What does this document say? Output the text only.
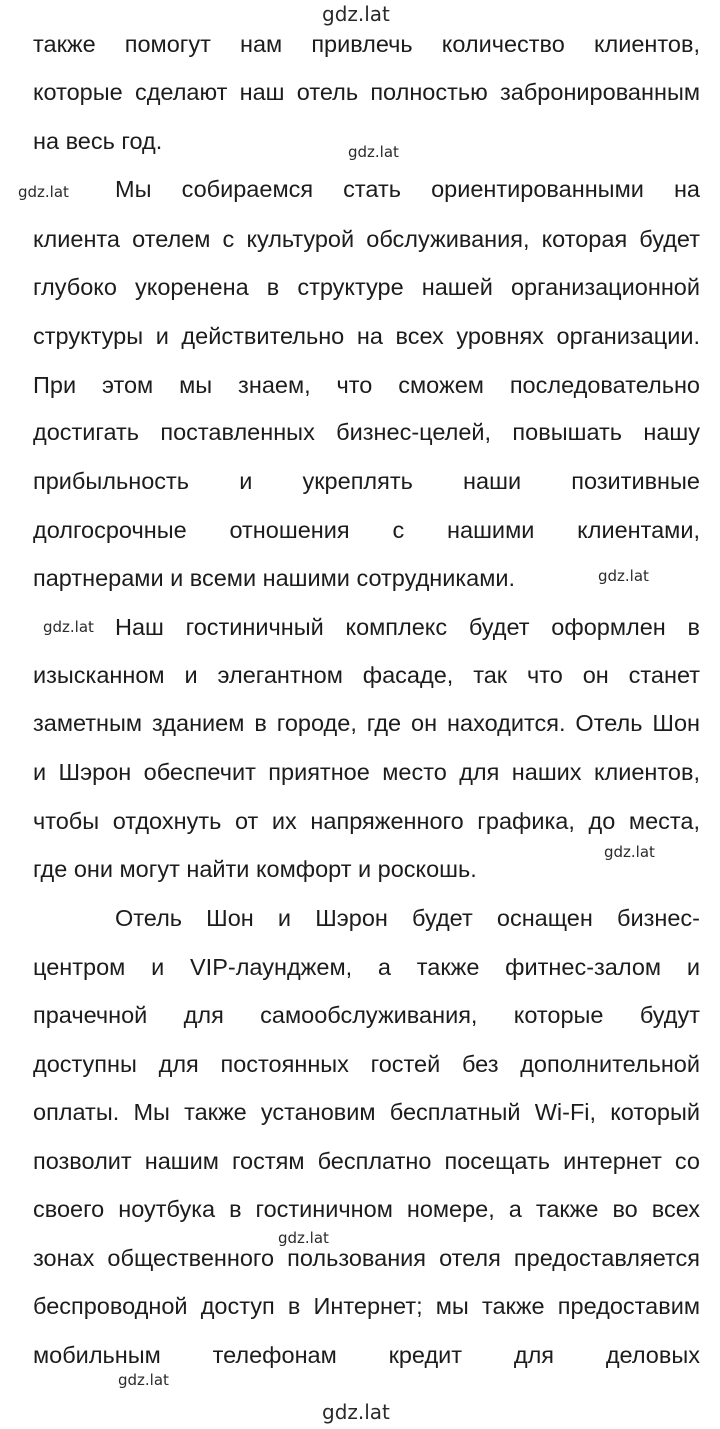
gdz.lat
также помогут нам привлечь количество клиентов,
которые сделают наш отель полностью забронированным
на весь год.	gdz.lat
gdz.lat Мы собираемся стать ориентированными на
клиента отелем с культурой обслуживания, которая будет
глубоко укоренена в структуре нашей организационной
структуры и действительно на всех уровнях организации.
При этом мы знаем, что сможем последовательно
достигать поставленных бизнес-целей, повышать нашу
прибыльность и укреплять наши позитивные
долгосрочные отношения с нашими клиентами,
партнерами и всеми нашими сотрудниками.	gdz.lat
gdz.lat Наш гостиничный комплекс будет оформлен в
изысканном и элегантном фасаде, так что он станет
заметным зданием в городе, где он находится. Отель Шон
и Шэрон обеспечит приятное место для наших клиентов,
чтобы отдохнуть от их напряженного графика, до места,
gdz.lat
где они могут найти комфорт и роскошь.
Отель Шон и Шэрон будет оснащен бизнес-
центром и VIP-лаунджем, а также фитнес-залом и
прачечной для самообслуживания, которые будут
доступны для постоянных гостей без дополнительной
оплаты. Мы также установим бесплатный Wi-Fi, который
позволит нашим гостям бесплатно посещать интернет со
своего ноутбука в гостиничном номере, а также во всех
gdz.lat
зонах общественного пользования отеля предоставляется
беспроводной доступ в Интернет; мы также предоставим
мобильным телефонам кредит для деловых
gdz.lat
gdz.lat
